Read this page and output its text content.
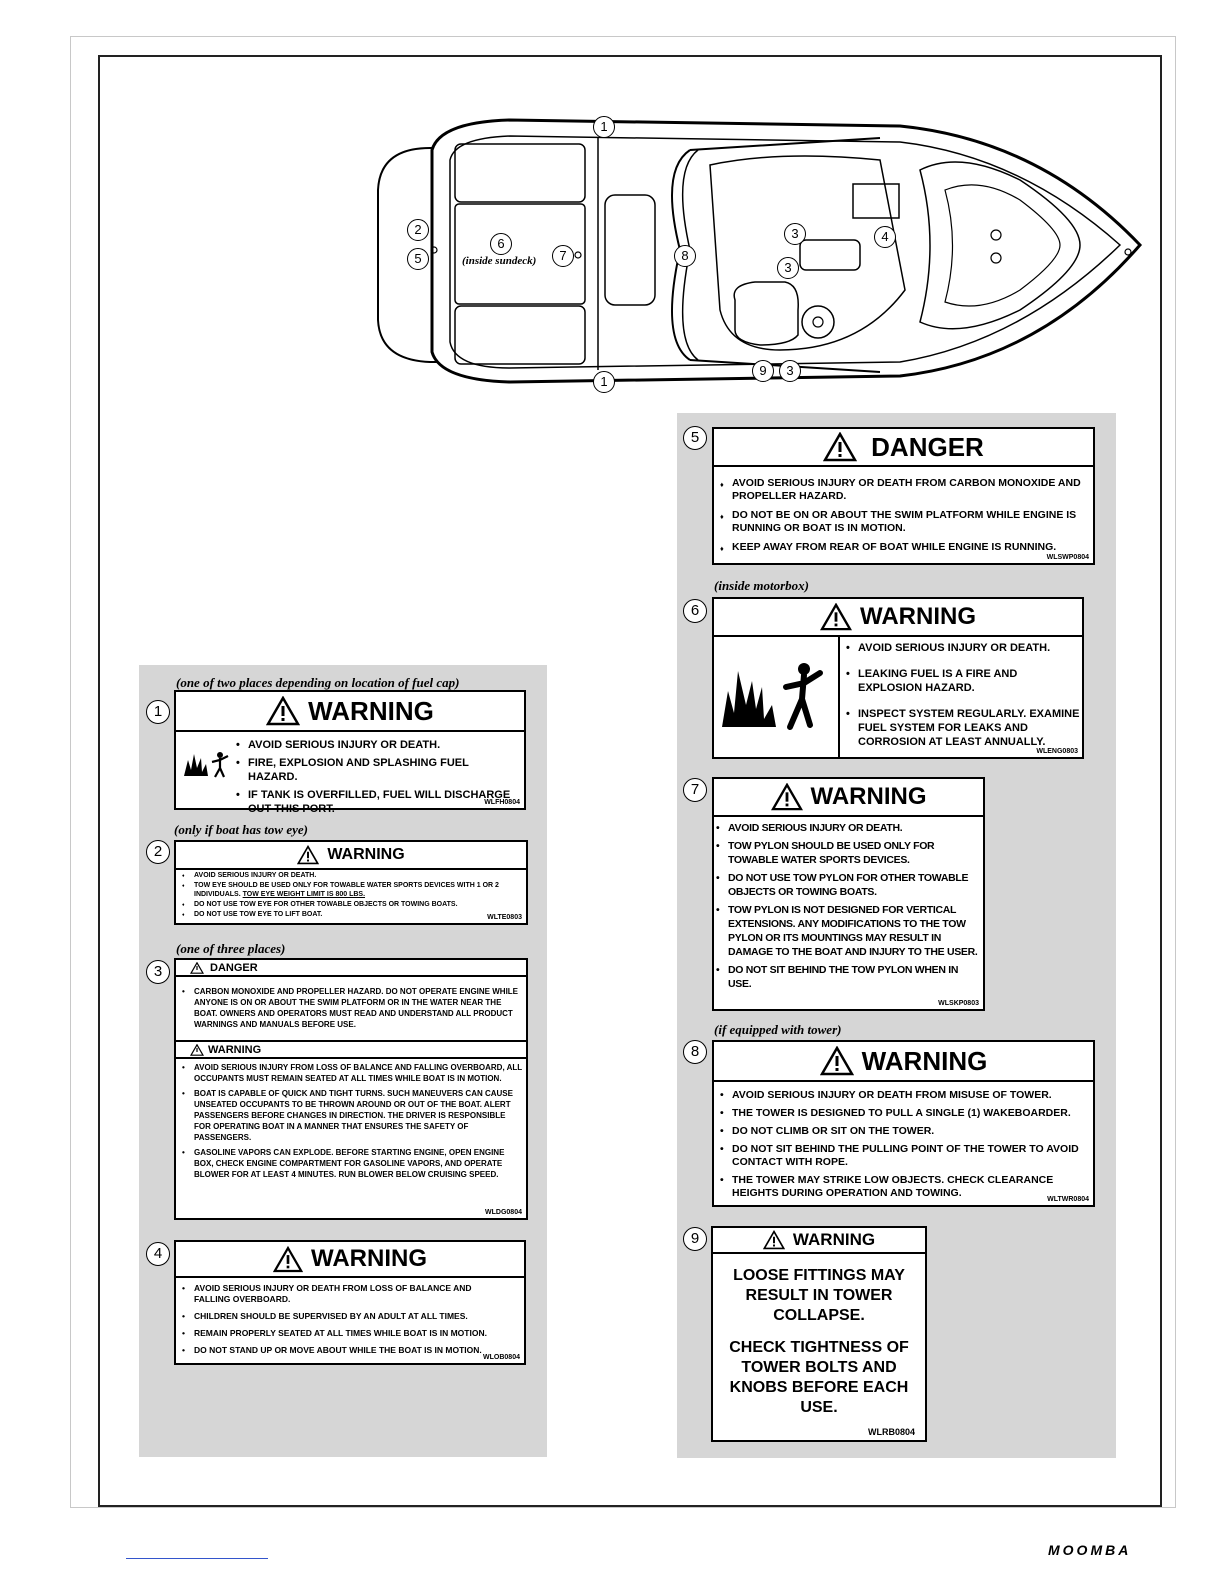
(inside sundeck)
1
2
5
6
7	8
3	4
3
1
9	3
(one of two places depending on location of fuel cap)
1	WARNING
• AVOID SERIOUS INJURY OR DEATH.
• FIRE, EXPLOSION AND SPLASHING FUEL HAZARD.
• IF TANK IS OVERFILLED, FUEL WILL DISCHARGE OUT THIS PORT.
WLFH0804
(only if boat has tow eye)
2	WARNING
♦ AVOID SERIOUS INJURY OR DEATH.
♦ TOW EYE SHOULD BE USED ONLY FOR TOWABLE WATER SPORTS DEVICES WITH 1 OR 2 INDIVIDUALS. TOW EYE WEIGHT LIMIT IS 800 LBS.
♦ DO NOT USE TOW EYE FOR OTHER TOWABLE OBJECTS OR TOWING BOATS.
♦ DO NOT USE TOW EYE TO LIFT BOAT.	WLTE0803
(one of three places)
3	DANGER
• CARBON MONOXIDE AND PROPELLER HAZARD. DO NOT OPERATE ENGINE WHILE ANYONE IS ON OR ABOUT THE SWIM PLATFORM OR IN THE WATER NEAR THE BOAT. OWNERS AND OPERATORS MUST READ AND UNDERSTAND ALL PRODUCT WARNINGS AND MANUALS BEFORE USE.
WARNING
• AVOID SERIOUS INJURY FROM LOSS OF BALANCE AND FALLING OVERBOARD, ALL OCCUPANTS MUST REMAIN SEATED AT ALL TIMES WHILE BOAT IS IN MOTION.
• BOAT IS CAPABLE OF QUICK AND TIGHT TURNS. SUCH MANEUVERS CAN CAUSE UNSEATED OCCUPANTS TO BE THROWN AROUND OR OUT OF THE BOAT. ALERT PASSENGERS BEFORE CHANGES IN DIRECTION. THE DRIVER IS RESPONSIBLE FOR OPERATING BOAT IN A MANNER THAT ENSURES THE SAFETY OF PASSENGERS.
• GASOLINE VAPORS CAN EXPLODE. BEFORE STARTING ENGINE, OPEN ENGINE BOX, CHECK ENGINE COMPARTMENT FOR GASOLINE VAPORS, AND OPERATE BLOWER FOR AT LEAST 4 MINUTES. RUN BLOWER BELOW CRUISING SPEED.
WLDG0804
4	WARNING
• AVOID SERIOUS INJURY OR DEATH FROM LOSS OF BALANCE AND FALLING OVERBOARD.
• CHILDREN SHOULD BE SUPERVISED BY AN ADULT AT ALL TIMES.
• REMAIN PROPERLY SEATED AT ALL TIMES WHILE BOAT IS IN MOTION.
• DO NOT STAND UP OR MOVE ABOUT WHILE THE BOAT IS IN MOTION.
WLOB0804
5	DANGER
♦ AVOID SERIOUS INJURY OR DEATH FROM CARBON MONOXIDE AND PROPELLER HAZARD.
♦ DO NOT BE ON OR ABOUT THE SWIM PLATFORM WHILE ENGINE IS RUNNING OR BOAT IS IN MOTION.
♦ KEEP AWAY FROM REAR OF BOAT WHILE ENGINE IS RUNNING.
WLSWP0804
(inside motorbox)
6	WARNING
• AVOID SERIOUS INJURY OR DEATH.
• LEAKING FUEL IS A FIRE AND EXPLOSION HAZARD.
• INSPECT SYSTEM REGULARLY. EXAMINE FUEL SYSTEM FOR LEAKS AND CORROSION AT LEAST ANNUALLY.
WLENG0803
7	WARNING
• AVOID SERIOUS INJURY OR DEATH.
• TOW PYLON SHOULD BE USED ONLY FOR TOWABLE WATER SPORTS DEVICES.
• DO NOT USE TOW PYLON FOR OTHER TOWABLE OBJECTS OR TOWING BOATS.
• TOW PYLON IS NOT DESIGNED FOR VERTICAL EXTENSIONS. ANY MODIFICATIONS TO THE TOW PYLON OR ITS MOUNTINGS MAY RESULT IN DAMAGE TO THE BOAT AND INJURY TO THE USER.
• DO NOT SIT BEHIND THE TOW PYLON WHEN IN USE.
WLSKP0803
(if equipped with tower)
8	WARNING
• AVOID SERIOUS INJURY OR DEATH FROM MISUSE OF TOWER.
• THE TOWER IS DESIGNED TO PULL A SINGLE (1) WAKEBOARDER.
• DO NOT CLIMB OR SIT ON THE TOWER.
• DO NOT SIT BEHIND THE PULLING POINT OF THE TOWER TO AVOID CONTACT WITH ROPE.
• THE TOWER MAY STRIKE LOW OBJECTS. CHECK CLEARANCE HEIGHTS DURING OPERATION AND TOWING.
WLTWR0804
9	WARNING
LOOSE FITTINGS MAY RESULT IN TOWER COLLAPSE.
CHECK TIGHTNESS OF TOWER BOLTS AND KNOBS BEFORE EACH USE.
WLRB0804
MOOMBA
